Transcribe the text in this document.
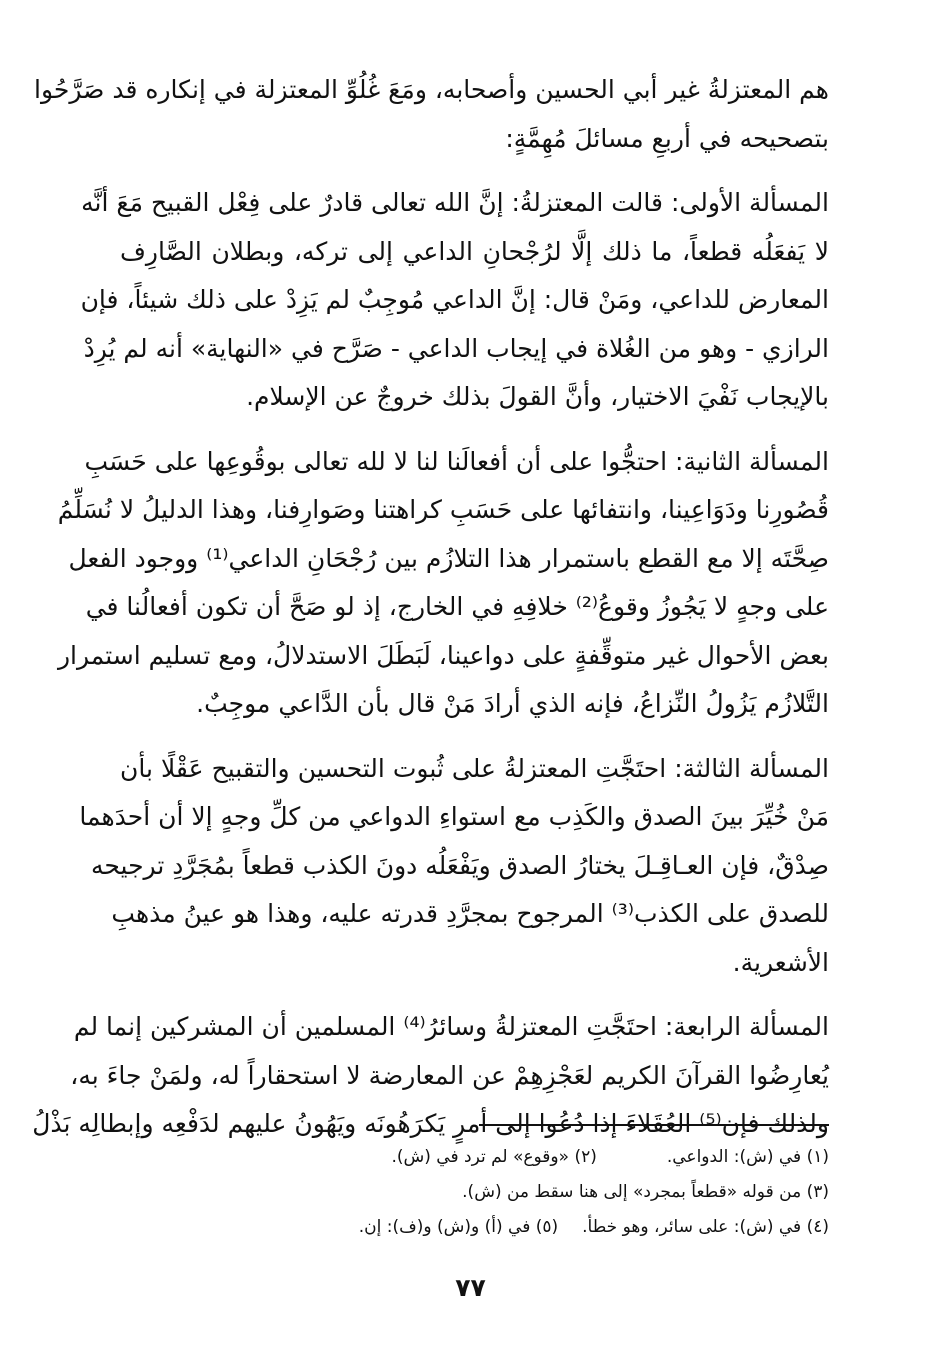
هم المعتزلةُ غير أبي الحسين وأصحابه، ومَعَ غُلُوِّ المعتزلة في إنكاره قد صَرَّحُوا
بتصحيحه في أربعِ مسائلَ مُهِمَّةٍ:

المسألة الأولى: قالت المعتزلةُ: إنَّ الله تعالى قادرٌ على فِعْل القبيح مَعَ أنَّه
لا يَفعَلُه قطعاً، ما ذلك إلَّا لرُجْحانِ الداعي إلى تركه، وبطلان الصَّارِف
المعارض للداعي، ومَنْ قال: إنَّ الداعي مُوجِبٌ لم يَزِدْ على ذلك شيئاً، فإن
الرازي - وهو من الغُلاة في إيجاب الداعي - صَرَّح في «النهاية» أنه لم يُرِدْ
بالإيجاب نَفْيَ الاختيار، وأنَّ القولَ بذلك خروجٌ عن الإسلام.

المسألة الثانية: احتجُّوا على أن أفعالَنا لنا لا لله تعالى بوقُوعِها على حَسَبِ
قُصُورِنا ودَوَاعِينا، وانتفائها على حَسَبِ كراهتنا وصَوارِفنا، وهذا الدليلُ لا نُسَلِّمُ
صِحَّتَه إلا مع القطع باستمرار هذا التلازُم بين رُجْحَانِ الداعي⁽¹⁾ ووجود الفعل
على وجهٍ لا يَجُوزُ وقوعُ⁽²⁾ خلافِهِ في الخارج، إذ لو صَحَّ أن تكون أفعالُنا في
بعض الأحوال غير متوقِّفةٍ على دواعينا، لَبَطَلَ الاستدلالُ، ومع تسليم استمرار
التَّلازُم يَزُولُ النِّزاعُ، فإنه الذي أرادَ مَنْ قال بأن الدَّاعي موجِبٌ.

المسألة الثالثة: احتَجَّتِ المعتزلةُ على ثُبوت التحسين والتقبيح عَقْلًا بأن
مَنْ خُيِّرَ بينَ الصدق والكَذِب مع استواءِ الدواعي من كلِّ وجهٍ إلا أن أحدَهما
صِدْقٌ، فإن العـاقِـلَ يختارُ الصدق ويَفْعَلُه دونَ الكذب قطعاً بمُجَرَّدِ ترجيحه
للصدق على الكذب⁽³⁾ المرجوح بمجرَّدِ قدرته عليه، وهذا هو عينُ مذهبِ
الأشعرية.

المسألة الرابعة: احتَجَّتِ المعتزلةُ وسائرُ⁽⁴⁾ المسلمين أن المشركين إنما لم
يُعارِضُوا القرآنَ الكريم لعَجْزِهِمْ عن المعارضة لا استحقاراً له، ولمَنْ جاءَ به،
ولذلك فإن⁽⁵⁾ العُقَلاءَ إذا دُعُوا إلى أمرٍ يَكرَهُونَه ويَهُونُ عليهم لدَفْعِه وإبطالِه بَذْلُ

(١) في (ش): الدواعي.(٢) «وقوع» لم ترد في (ش).
(٣) من قوله «قطعاً بمجرد» إلى هنا سقط من (ش).
(٤) في (ش): على سائر، وهو خطأ.(٥) في (أ) و(ش) و(ف): إن.
٧٧
